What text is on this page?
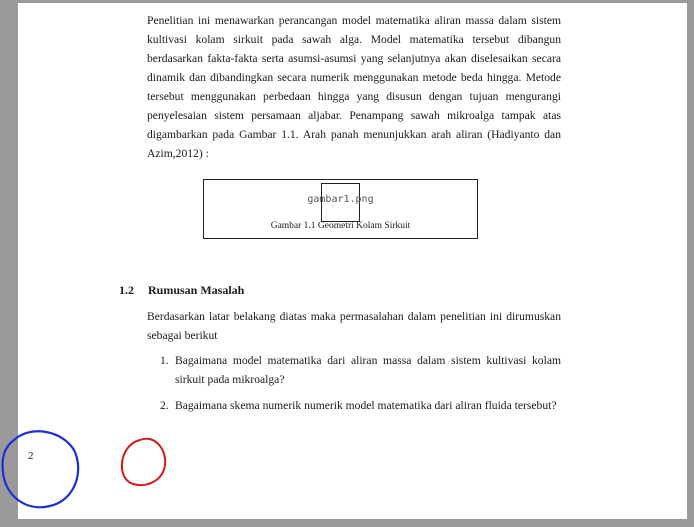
Penelitian ini menawarkan perancangan model matematika aliran massa dalam sistem kultivasi kolam sirkuit pada sawah alga. Model matematika tersebut dibangun berdasarkan fakta-fakta serta asumsi-asumsi yang selanjutnya akan diselesaikan secara dinamik dan dibandingkan secara numerik menggunakan metode beda hingga. Metode tersebut menggunakan perbedaan hingga yang disusun dengan tujuan mengurangi penyelesaian sistem persamaan aljabar. Penampang sawah mikroalga tampak atas digambarkan pada Gambar 1.1. Arah panah menunjukkan arah aliran (Hadiyanto dan Azim,2012) :

gambar1.png
Gambar 1.1 Geometri Kolam Sirkuit
1.2 Rumusan Masalah

Berdasarkan latar belakang diatas maka permasalahan dalam penelitian ini dirumuskan sebagai berikut

1. Bagaimana model matematika dari aliran massa dalam sistem kultivasi kolam sirkuit pada mikroalga?
2. Bagaimana skema numerik numerik model matematika dari aliran fluida tersebut?
2
